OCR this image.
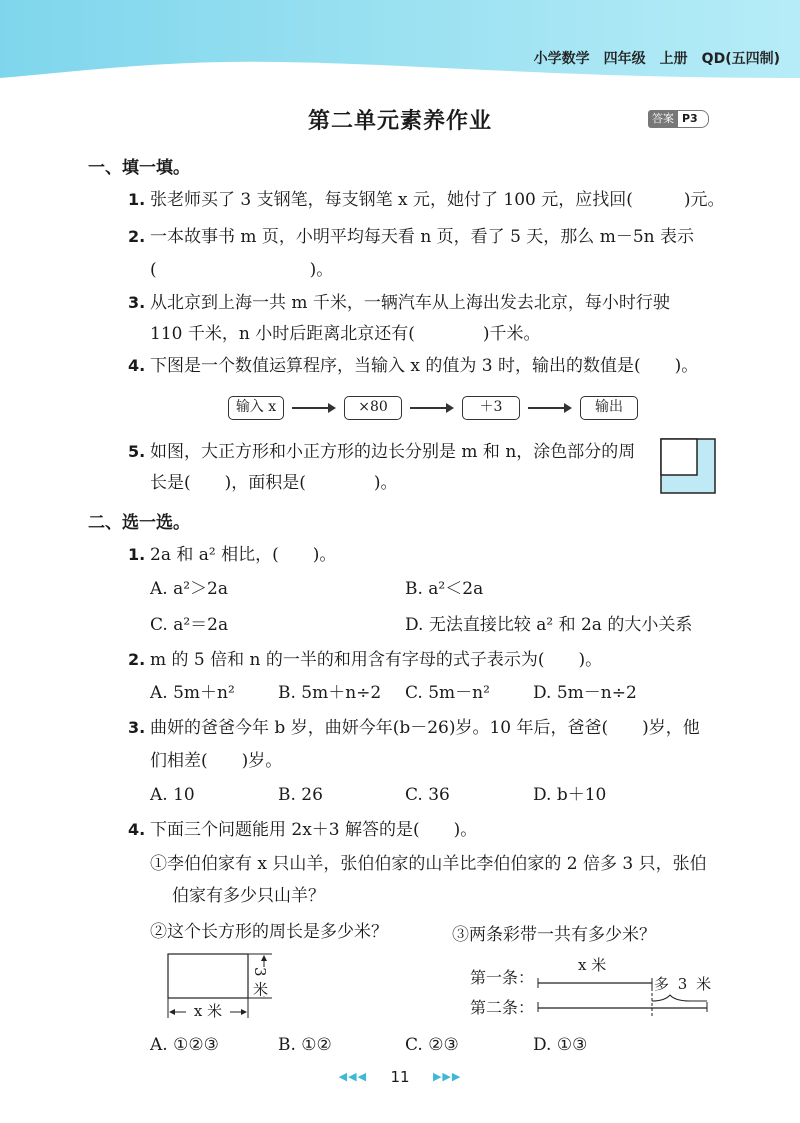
小学数学　四年级　上册　QD(五四制)
第二单元素养作业	答案 P3
一、填一填。
1. 张老师买了 3 支钢笔，每支钢笔 x 元，她付了 100 元，应找回(　　　)元。
2. 一本故事书 m 页，小明平均每天看 n 页，看了 5 天，那么 m－5n 表示
(　　　　　　　　　)。
3. 从北京到上海一共 m 千米，一辆汽车从上海出发去北京，每小时行驶
110 千米，n 小时后距离北京还有(　　　　)千米。
4. 下图是一个数值运算程序，当输入 x 的值为 3 时，输出的数值是(　　)。
输入 x	×80	＋3	输出
5. 如图，大正方形和小正方形的边长分别是 m 和 n，涂色部分的周
长是(　　)，面积是(　　　　)。
二、选一选。
1. 2a 和 a² 相比，(　　)。
A. a²＞2a	B. a²＜2a
C. a²＝2a	D. 无法直接比较 a² 和 2a 的大小关系
2. m 的 5 倍和 n 的一半的和用含有字母的式子表示为(　　)。
A. 5m＋n²	B. 5m＋n÷2 C. 5m－n²	D. 5m－n÷2
3. 曲妍的爸爸今年 b 岁，曲妍今年(b－26)岁。10 年后，爸爸(　　)岁，他
们相差(　　)岁。
A. 10	B. 26	C. 36	D. b＋10
4. 下面三个问题能用 2x＋3 解答的是(　　)。
①李伯伯家有 x 只山羊，张伯伯家的山羊比李伯伯家的 2 倍多 3 只，张伯
伯家有多少只山羊？
②这个长方形的周长是多少米？	③两条彩带一共有多少米？
3 米
x 米
第一条：
第二条：
x 米
多 3 米
A. ①②③	B. ①②	C. ②③	D. ①③
◀◀◀ 11 ▶▶▶
